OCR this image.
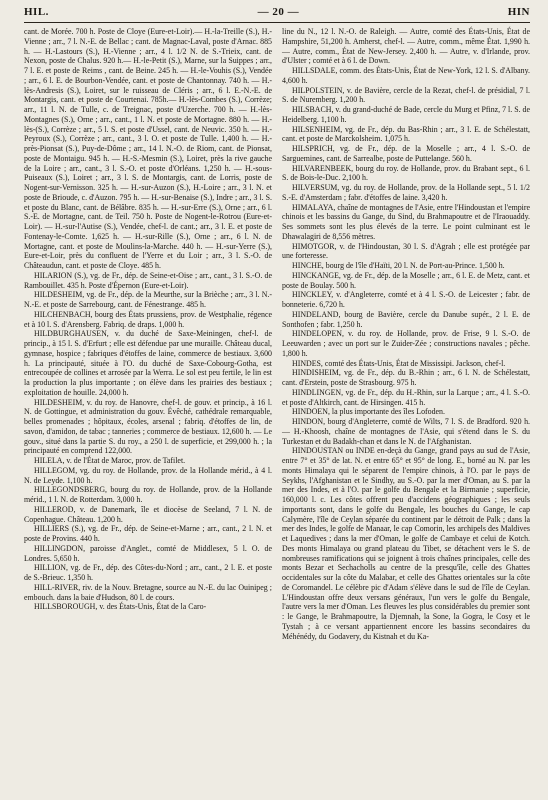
HIL.	— 20 —	HIN

cant. de Morée. 700 h. Poste de Cloye (Eure-et-Loir).— H.-la-Treille (S.), H.-Vienne ; arr., 7 l. N.-E. de Bellac ; cant. de Magnac-Laval, poste d'Arnac. 885 h. — H.-Lastours (S.), H.-Vienne ; arr., 4 l. 1/2 N. de S.-Trieix, cant. de Nexon, poste de Chalus. 920 h.— H.-le-Petit (S.), Marne, sur la Suippes ; arr., 7 l. E. et poste de Reims , cant. de Beine. 245 h. — H.-le-Vouhis (S.), Vendée ; arr., 6 l. E. de Bourbon-Vendée, cant. et poste de Chantonnay. 740 h. — H.-lès-Andresis (S.), Loiret, sur le ruisseau de Cléris ; arr., 6 l. E.-N.-E. de Montargis, cant. et poste de Courtenai. 785h.— H.-lès-Combes (S.), Corrèze; arr., 11 l. N. de Tulle, c. de Treignac, poste d'Uzerche. 700 h. — H.-lès-Montagnes (S.), Orne ; arr., cant., 1 l. N. et poste de Mortagne. 880 h. — H.-lès-(S.), Corrèze ; arr., 5 l. S. et poste d'Ussel, cant. de Neuvic. 350 h. — H.-Peyroux (S.), Corrèze ; arr., cant., 3 l. O. et poste de Tulle. 1,400 h. — H.-près-Pionsat (S.), Puy-de-Dôme ; arr., 14 l. N.-O. de Riom, cant. de Pionsat, poste de Montaigu. 945 h. — H.-S.-Mesmin (S.), Loiret, près la rive gauche de la Loire ; arr., cant., 3 l. S.-O. et poste d'Orléans. 1,250 h. — H.-sous-Puiseaux (S.), Loiret ; arr., 3 l. S. de Montargis, cant. de Lorris, poste de Nogent-sur-Vernisson. 325 h. — H.-sur-Auzon (S.), H.-Loire ; arr., 3 l. N. et poste de Brioude, c. d'Auzon. 795 h. — H.-sur-Benaise (S.), Indre ; arr., 3 l. S. et poste du Blanc, cant. de Bélâbre. 835 h. — H.-sur-Erre (S.), Orne ; arr., 6 l. S.-E. de Mortagne, cant. de Teil. 750 h. Poste de Nogent-le-Rotrou (Eure-et-Loir). — H.-sur-l'Autise (S.), Vendée, chef-l. de cant.; arr., 3 l. E. et poste de Fontenay-le-Comte. 1,625 h. — H.-sur-Rille (S.), Orne ; arr., 6 l. N. de Mortagne, cant. et poste de Moulins-la-Marche. 440 h. — H.-sur-Yerre (S.), Eure-et-Loir, près du confluent de l'Yerre et du Loir ; arr., 3 l. S.-O. de Châteaudun, cant. et poste de Cloye. 485 h.

HILARION (S.), vg. de Fr., dép. de Seine-et-Oise ; arr., cant., 3 l. S.-O. de Rambouillet. 435 h. Poste d'Épernon (Eure-et-Loir).

HILDESHEIM, vg. de Fr., dép. de la Meurthe, sur la Brièche ; arr., 3 l. N.-N.-E. et poste de Sarrebourg, cant. de Fénestrange. 485 h.

HILCHENBACH, bourg des États prussiens, prov. de Westphalie, régence et à 10 l. S. d'Arensberg. Fabriq. de draps. 1,000 h.

HILDBURGHAUSEN, v. du duché de Saxe-Meiningen, chef-l. de princip., à 15 l. S. d'Erfurt ; elle est défendue par une muraille. Château ducal, gymnase, hospice ; fabriques d'étoffes de laine, commerce de bestiaux. 3,600 h. La principauté, située à l'O. du duché de Saxe-Cobourg-Gotha, est entrecoupée de collines et arrosée par la Werra. Le sol est peu fertile, le lin est la production la plus importante ; on élève dans les prairies des bestiaux ; exploitation de houille. 24,000 h.

HILDESHEIM, v. du roy. de Hanovre, chef-l. de gouv. et princip., à 16 l. N. de Gottingue, et administration du gouv. Évêché, cathédrale remarquable, belles promenades ; hôpitaux, écoles, arsenal ; fabriq. d'étoffes de lin, de savon, d'amidon, de tabac ; tanneries ; commerce de bestiaux. 12,600 h. — Le gouv., situé dans la partie S. du roy., a 250 l. de superficie, et 299,000 h. ; la principauté en comprend 122,000.

HILELA, v. de l'État de Maroc, prov. de Tafilet.

HILLEGOM, vg. du roy. de Hollande, prov. de la Hollande mérid., à 4 l. N. de Leyde. 1,100 h.

HILLEGONDSBERG, bourg du roy. de Hollande, prov. de la Hollande mérid., 1 l. N. de Rotterdam. 3,000 h.

HILLEROD, v. de Danemark, île et diocèse de Seeland, 7 l. N. de Copenhague. Château. 1,200 h.

HILLIERS (S.), vg. de Fr., dép. de Seine-et-Marne ; arr., cant., 2 l. N. et poste de Provins. 440 h.

HILLINGDON, paroisse d'Anglet., comté de Middlesex, 5 l. O. de Londres. 5,650 h.

HILLION, vg. de Fr., dép. des Côtes-du-Nord ; arr., cant., 2 l. E. et poste de S.-Brieuc. 1,350 h.

HILL-RIVER, riv. de la Nouv. Bretagne, source au N.-E. du lac Ouinipeg ; embouch. dans la baie d'Hudson, 80 l. de cours.

HILLSBOROUGH, v. des États-Unis, État de la Caro-

line du N., 12 l. N.-O. de Raleigh. — Autre, comté des États-Unis, État de Hampshire, 51,200 h. Amherst, chef-l. — Autre, comm., même État. 1,990 h. — Autre, comm., État de New-Jersey. 2,400 h. — Autre, v. d'Irlande, prov. d'Ulster ; comté et à 6 l. de Down.

HILLSDALE, comm. des États-Unis, État de New-York, 12 l. S. d'Albany. 4,600 h.

HILPOLSTEIN, v. de Bavière, cercle de la Rezat, chef-l. de présidial, 7 l. S. de Nuremberg. 1,200 h.

HILSBACH, v. du grand-duché de Bade, cercle du Murg et Pfinz, 7 l. S. de Heidelberg. 1,100 h.

HILSENHEIM, vg. de Fr., dép. du Bas-Rhin ; arr., 3 l. E. de Schélestatt, cant. et poste de Marckolsheim. 1,075 h.

HILSPRICH, vg. de Fr., dép. de la Moselle ; arr., 4 l. S.-O. de Sarguemines, cant. de Sarrealbe, poste de Puttelange. 560 h.

HILVARENBEEK, bourg du roy. de Hollande, prov. du Brabant sept., 6 l. S. de Bois-le-Duc. 2,100 h.

HILVERSUM, vg. du roy. de Hollande, prov. de la Hollande sept., 5 l. 1/2 S.-E. d'Amsterdam ; fabr. d'étoffes de laine. 3,420 h.

HIMALAYA, chaîne de montagnes de l'Asie, entre l'Hindoustan et l'empire chinois et les bassins du Gange, du Sind, du Brahmapoutre et de l'Iraouaddy. Ses sommets sont les plus élevés de la terre. Le point culminant est le Dhawalagiri de 8,556 mètres.

HIMOTGOR, v. de l'Hindoustan, 30 l. S. d'Agrah ; elle est protégée par une forteresse.

HINCHE, bourg de l'île d'Haïti, 20 l. N. de Port-au-Prince. 1,500 h.

HINCKANGE, vg. de Fr., dép. de la Moselle ; arr., 6 l. E. de Metz, cant. et poste de Boulay. 500 h.

HINCKLEY, v. d'Angleterre, comté et à 4 l. S.-O. de Leicester ; fabr. de bonneterie. 6,720 h.

HINDELAND, bourg de Bavière, cercle du Danube supér., 2 l. E. de Sonthofen ; fabr. 1,250 h.

HINDELOPEN, v. du roy. de Hollande, prov. de Frise, 9 l. S.-O. de Leeuwarden ; avec un port sur le Zuider-Zée ; constructions navales ; pêche. 1,800 h.

HINDES, comté des États-Unis, État de Mississipi. Jackson, chef-l.

HINDISHEIM, vg. de Fr., dép. du B.-Rhin ; arr., 6 l. N. de Schélestatt, cant. d'Erstein, poste de Strasbourg. 975 h.

HINDLINGEN, vg. de Fr., dép. du H.-Rhin, sur la Larque ; arr., 4 l. S.-O. et poste d'Altkirch, cant. de Hirsingen. 415 h.

HINDOEN, la plus importante des îles Lofoden.

HINDON, bourg d'Angleterre, comté de Wilts, 7 l. S. de Bradford. 920 h. — H.-Khoosh, chaîne de montagnes de l'Asie, qui s'étend dans le S. du Turkestan et du Badakh-chan et dans le N. de l'Afghanistan.

HINDOUSTAN ou INDE en-deçà du Gange, grand pays au sud de l'Asie, entre 7° et 35° de lat. N. et entre 65° et 95° de long. E., borné au N. par les monts Himalaya qui le séparent de l'empire chinois, à l'O. par le pays de Seykhs, l'Afghanistan et le Sindhy, au S.-O. par la mer d'Oman, au S. par la mer des Indes, et à l'O. par le golfe du Bengale et la Birmanie ; superficie, 160,000 l. c. Les côtes offrent peu d'accidens géographiques ; les seuls importants sont, dans le golfe du Bengale, les bouches du Gange, le cap Calymère, l'île de Ceylan séparée du continent par le détroit de Palk ; dans la mer des Indes, le golfe de Manaar, le cap Comorin, les archipels des Maldives et Laquedives ; dans la mer d'Oman, le golfe de Cambaye et celui de Kotch. Des monts Himalaya ou grand plateau du Tibet, se détachent vers le S. de nombreuses ramifications qui se joignent à trois chaînes principales, celle des monts Bezar et Sechacholls au centre de la presqu'île, celle des Ghattes occidentales sur la côte du Malabar, et celle des Ghattes orientales sur la côte de Coromandel. Le célèbre pic d'Adam s'élève dans le sud de l'île de Ceylan. L'Hindoustan offre deux versans généraux, l'un vers le golfe du Bengale, l'autre vers la mer d'Oman. Les fleuves les plus considérables du premier sont : le Gange, le Brahmapoutre, la Djemnah, la Sone, la Gogra, le Cosy et le Tystah ; à ce versant appartiennent encore les bassins secondaires du Méhénédy, du Godavery, du Kistnah et du Ka-
